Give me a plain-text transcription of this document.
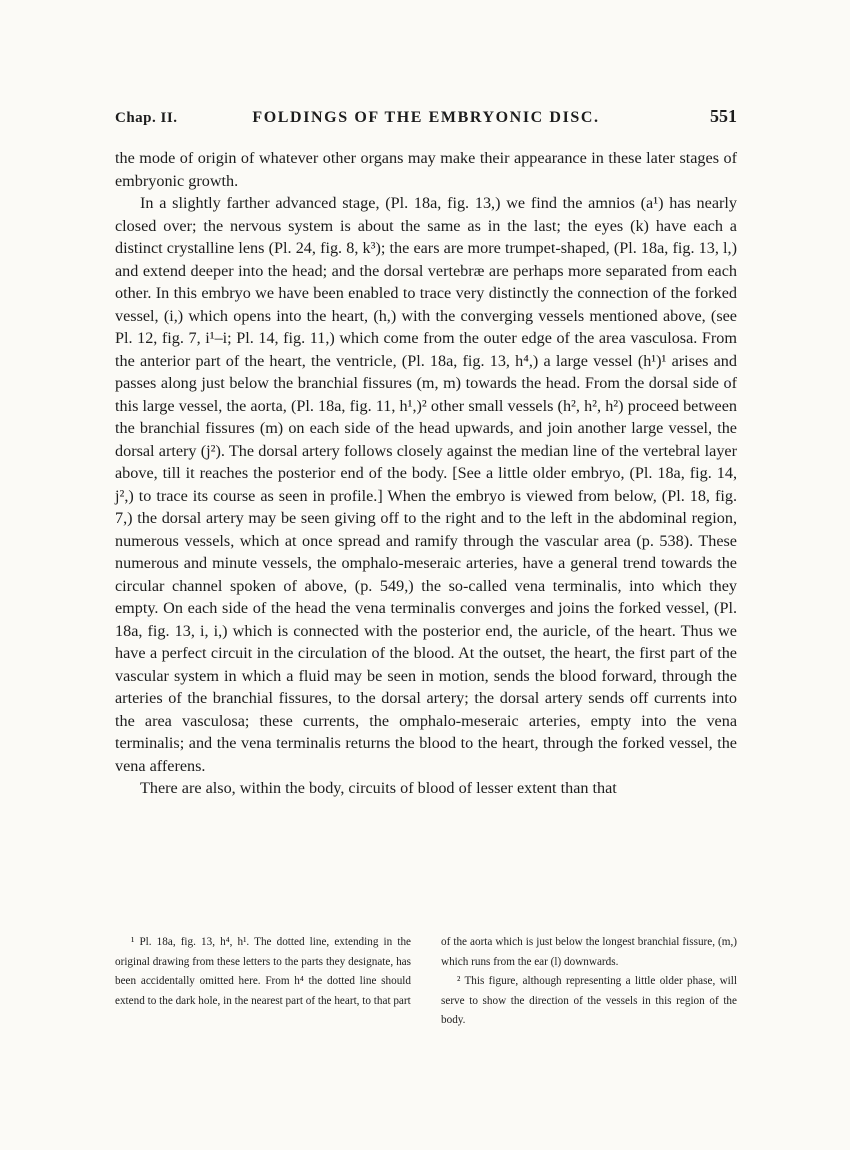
Chap. II.	FOLDINGS OF THE EMBRYONIC DISC.	551

the mode of origin of whatever other organs may make their appearance in these later stages of embryonic growth.

In a slightly farther advanced stage, (Pl. 18a, fig. 13,) we find the amnios (a¹) has nearly closed over; the nervous system is about the same as in the last; the eyes (k) have each a distinct crystalline lens (Pl. 24, fig. 8, k³); the ears are more trumpet-shaped, (Pl. 18a, fig. 13, l,) and extend deeper into the head; and the dorsal vertebræ are perhaps more separated from each other. In this embryo we have been enabled to trace very distinctly the connection of the forked vessel, (i,) which opens into the heart, (h,) with the converging vessels mentioned above, (see Pl. 12, fig. 7, i¹–i; Pl. 14, fig. 11,) which come from the outer edge of the area vasculosa. From the anterior part of the heart, the ventricle, (Pl. 18a, fig. 13, h⁴,) a large vessel (h¹)¹ arises and passes along just below the branchial fissures (m, m) towards the head. From the dorsal side of this large vessel, the aorta, (Pl. 18a, fig. 11, h¹,)² other small vessels (h², h², h²) proceed between the branchial fissures (m) on each side of the head upwards, and join another large vessel, the dorsal artery (j²). The dorsal artery follows closely against the median line of the vertebral layer above, till it reaches the posterior end of the body. [See a little older embryo, (Pl. 18a, fig. 14, j²,) to trace its course as seen in profile.] When the embryo is viewed from below, (Pl. 18, fig. 7,) the dorsal artery may be seen giving off to the right and to the left in the abdominal region, numerous vessels, which at once spread and ramify through the vascular area (p. 538). These numerous and minute vessels, the omphalo-meseraic arteries, have a general trend towards the circular channel spoken of above, (p. 549,) the so-called vena terminalis, into which they empty. On each side of the head the vena terminalis converges and joins the forked vessel, (Pl. 18a, fig. 13, i, i,) which is connected with the posterior end, the auricle, of the heart. Thus we have a perfect circuit in the circulation of the blood. At the outset, the heart, the first part of the vascular system in which a fluid may be seen in motion, sends the blood forward, through the arteries of the branchial fissures, to the dorsal artery; the dorsal artery sends off currents into the area vasculosa; these currents, the omphalo-meseraic arteries, empty into the vena terminalis; and the vena terminalis returns the blood to the heart, through the forked vessel, the vena afferens.

There are also, within the body, circuits of blood of lesser extent than that

¹ Pl. 18a, fig. 13, h⁴, h¹. The dotted line, extending in the original drawing from these letters to the parts they designate, has been accidentally omitted here. From h⁴ the dotted line should extend to the dark hole, in the nearest part of the heart, to that part

of the aorta which is just below the longest branchial fissure, (m,) which runs from the ear (l) downwards.

² This figure, although representing a little older phase, will serve to show the direction of the vessels in this region of the body.
